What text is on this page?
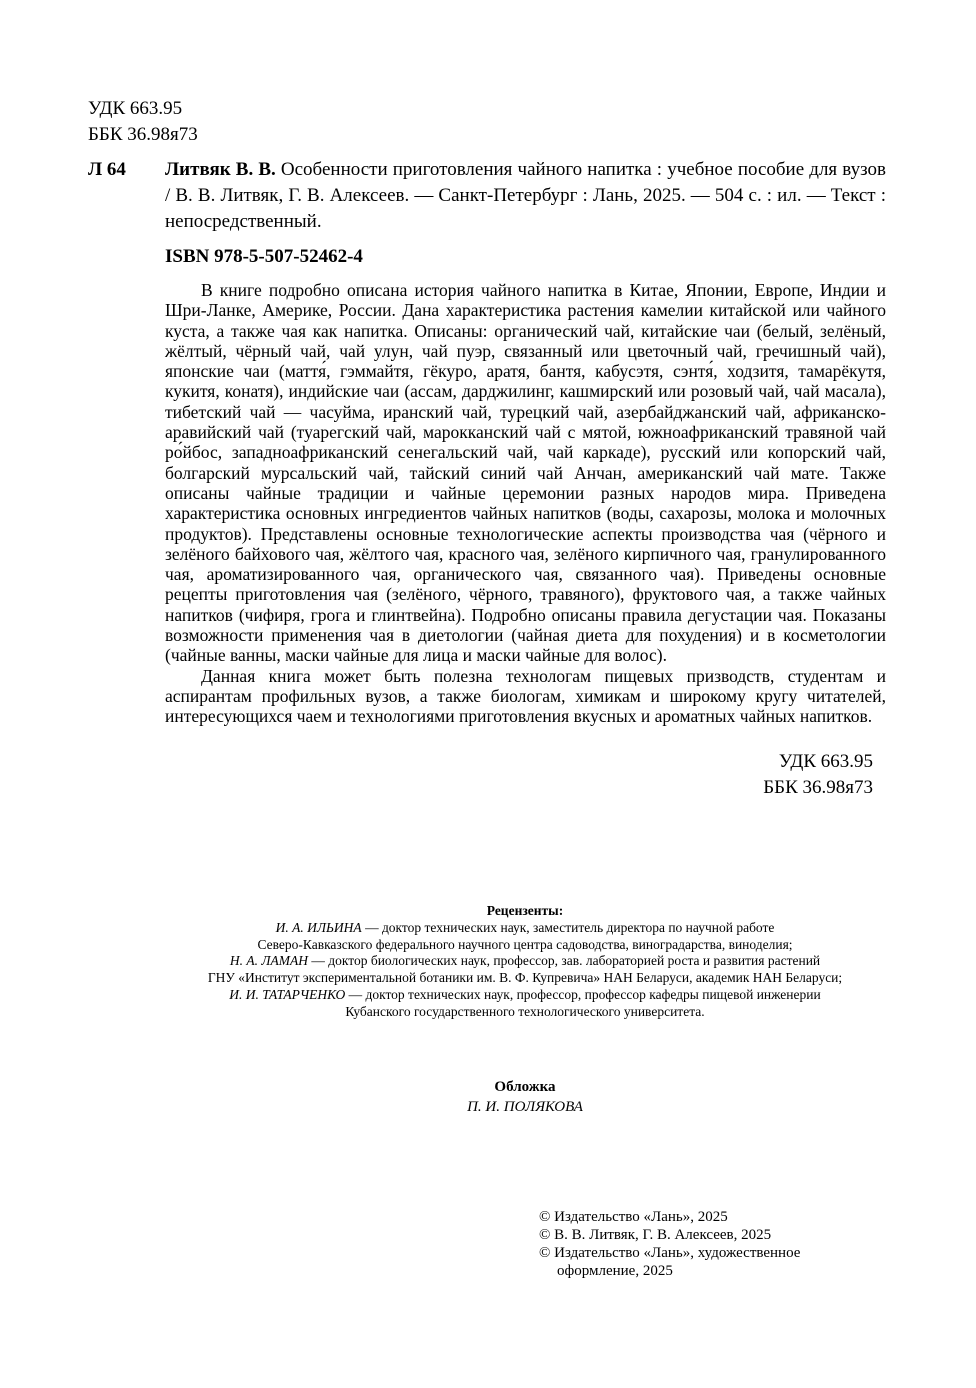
УДК 663.95
ББК 36.98я73
Л 64 Литвяк В. В. Особенности приготовления чайного напитка : учебное пособие для вузов / В. В. Литвяк, Г. В. Алексеев. — Санкт-Петербург : Лань, 2025. — 504 с. : ил. — Текст : непосредственный.
ISBN 978-5-507-52462-4

В книге подробно описана история чайного напитка в Китае, Японии, Европе, Индии и Шри-Ланке, Америке, России. Дана характеристика растения камелии китайской или чайного куста, а также чая как напитка. Описаны: органический чай, китайские чаи (белый, зелёный, жёлтый, чёрный чай, чай улун, чай пуэр, связанный или цветочный чай, гречишный чай), японские чаи (маття́, гэммайтя, гёкуро, аратя, бантя, кабусэтя, сэнтя́, ходзитя, тамарёкутя, кукитя, конатя), индийские чаи (ассам, дарджилинг, кашмирский или розовый чай, чай масала), тибетский чай — часуйма, иранский чай, турецкий чай, азербайджанский чай, африканско-аравийский чай (туарегский чай, марокканский чай с мятой, южноафриканский травяной чай ро́йбос, западноафриканский сенегальский чай, чай каркаде), русский или копорский чай, болгарский мурсальский чай, тайский синий чай Анчан, американский чай мате. Также описаны чайные традиции и чайные церемонии разных народов мира. Приведена характеристика основных ингредиентов чайных напитков (воды, сахарозы, молока и молочных продуктов). Представлены основные технологические аспекты производства чая (чёрного и зелёного байхового чая, жёлтого чая, красного чая, зелёного кирпичного чая, гранулированного чая, ароматизированного чая, органического чая, связанного чая). Приведены основные рецепты приготовления чая (зелёного, чёрного, травяного), фруктового чая, а также чайных напитков (чифиря, грога и глинтвейна). Подробно описаны правила дегустации чая. Показаны возможности применения чая в диетологии (чайная диета для похудения) и в косметологии (чайные ванны, маски чайные для лица и маски чайные для волос).

Данная книга может быть полезна технологам пищевых призводств, студентам и аспирантам профильных вузов, а также биологам, химикам и широкому кругу читателей, интересующихся чаем и технологиями приготовления вкусных и ароматных чайных напитков.

УДК 663.95
ББК 36.98я73
Рецензенты:
И. А. ИЛЬИНА — доктор технических наук, заместитель директора по научной работе
Северо-Кавказского федерального научного центра садоводства, виноградарства, виноделия;
Н. А. ЛАМАН — доктор биологических наук, профессор, зав. лабораторией роста и развития растений
ГНУ «Институт экспериментальной ботаники им. В. Ф. Купревича» НАН Беларуси, академик НАН Беларуси;
И. И. ТАТАРЧЕНКО — доктор технических наук, профессор, профессор кафедры пищевой инженерии
Кубанского государственного технологического университета.
Обложка
П. И. ПОЛЯКОВА
© Издательство «Лань», 2025
© В. В. Литвяк, Г. В. Алексеев, 2025
© Издательство «Лань», художественное
оформление, 2025
